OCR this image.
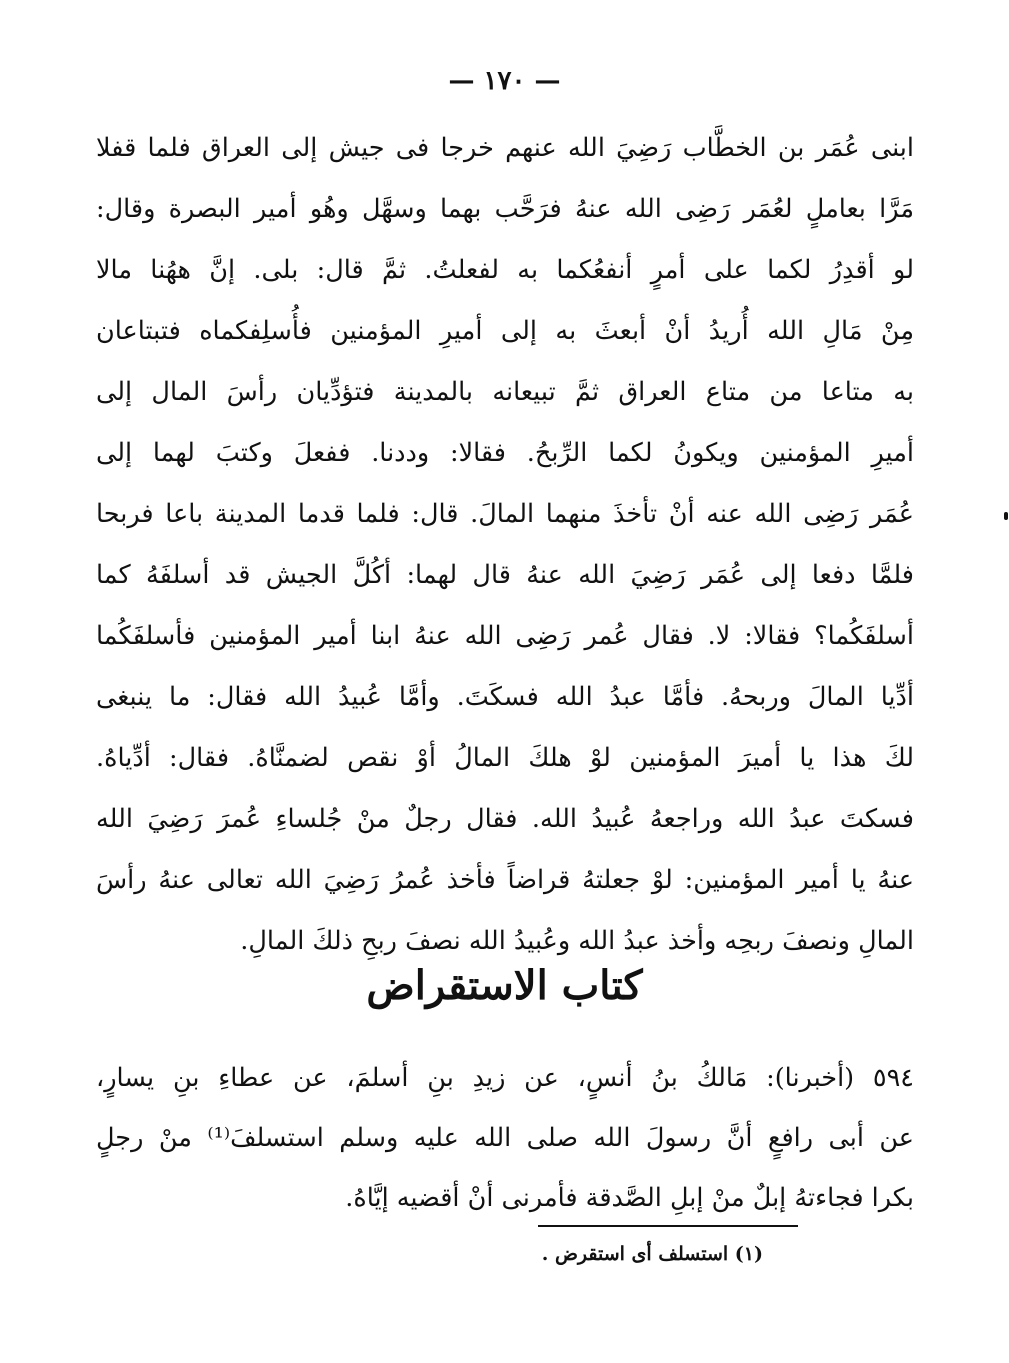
— ١٧٠ —
ابنى عُمَر بن الخطَّاب رَضِيَ الله عنهم خرجا فى جيش إلى العراق فلما قفلا
مَرَّا بعاملٍ لعُمَر رَضِى الله عنهُ فرَحَّب بهما وسهَّل وهُو أمير البصرة وقال:
لو أقدِرُ لكما على أمرٍ أنفعُكما به لفعلتُ. ثمَّ قال: بلى. إنَّ ههُنا مالا
مِنْ مَالِ الله أُريدُ أنْ أبعثَ به إلى أميرِ المؤمنين فأُسلِفكماه فتبتاعان
به متاعا من متاع العراق ثمَّ تبيعانه بالمدينة فتؤدِّيان رأسَ المال إلى
أميرِ المؤمنين ويكونُ لكما الرِّبحُ. فقالا: وددنا. ففعلَ وكتبَ لهما إلى
عُمَر رَضِى الله عنه أنْ تأخذَ منهما المالَ. قال: فلما قدما المدينة باعا فربحا
فلمَّا دفعا إلى عُمَر رَضِيَ الله عنهُ قال لهما: أكُلَّ الجيش قد أسلفَهُ كما
أسلفَكُما؟ فقالا: لا. فقال عُمر رَضِى الله عنهُ ابنا أمير المؤمنين فأسلفَكُما
أدِّيا المالَ وربحهُ. فأمَّا عبدُ الله فسكَتَ. وأمَّا عُبيدُ الله فقال: ما ينبغى
لكَ هذا يا أميرَ المؤمنين لوْ هلكَ المالُ أوْ نقص لضمنَّاهُ. فقال: أدِّياهُ.
فسكتَ عبدُ الله وراجعهُ عُبيدُ الله. فقال رجلٌ منْ جُلساءِ عُمرَ رَضِيَ الله
عنهُ يا أمير المؤمنين: لوْ جعلتهُ قراضاً فأخذ عُمرُ رَضِيَ الله تعالى عنهُ رأسَ
المالِ ونصفَ ربحِه وأخذ عبدُ الله وعُبيدُ الله نصفَ ربحِ ذلكَ المالِ.
كتاب الاستقراض
٥٩٤ (أخبرنا): مَالكُ بنُ أنسٍ، عن زيدِ بنِ أسلمَ، عن عطاءِ بنِ يسارٍ،
عن أبى رافعٍ أنَّ رسولَ الله صلى الله عليه وسلم استسلفَ⁽¹⁾ منْ رجلٍ
بكرا فجاءتهُ إبلٌ منْ إبلِ الصَّدقة فأمرنى أنْ أقضيه إيَّاهُ.
(١) استسلف أى استقرض .
